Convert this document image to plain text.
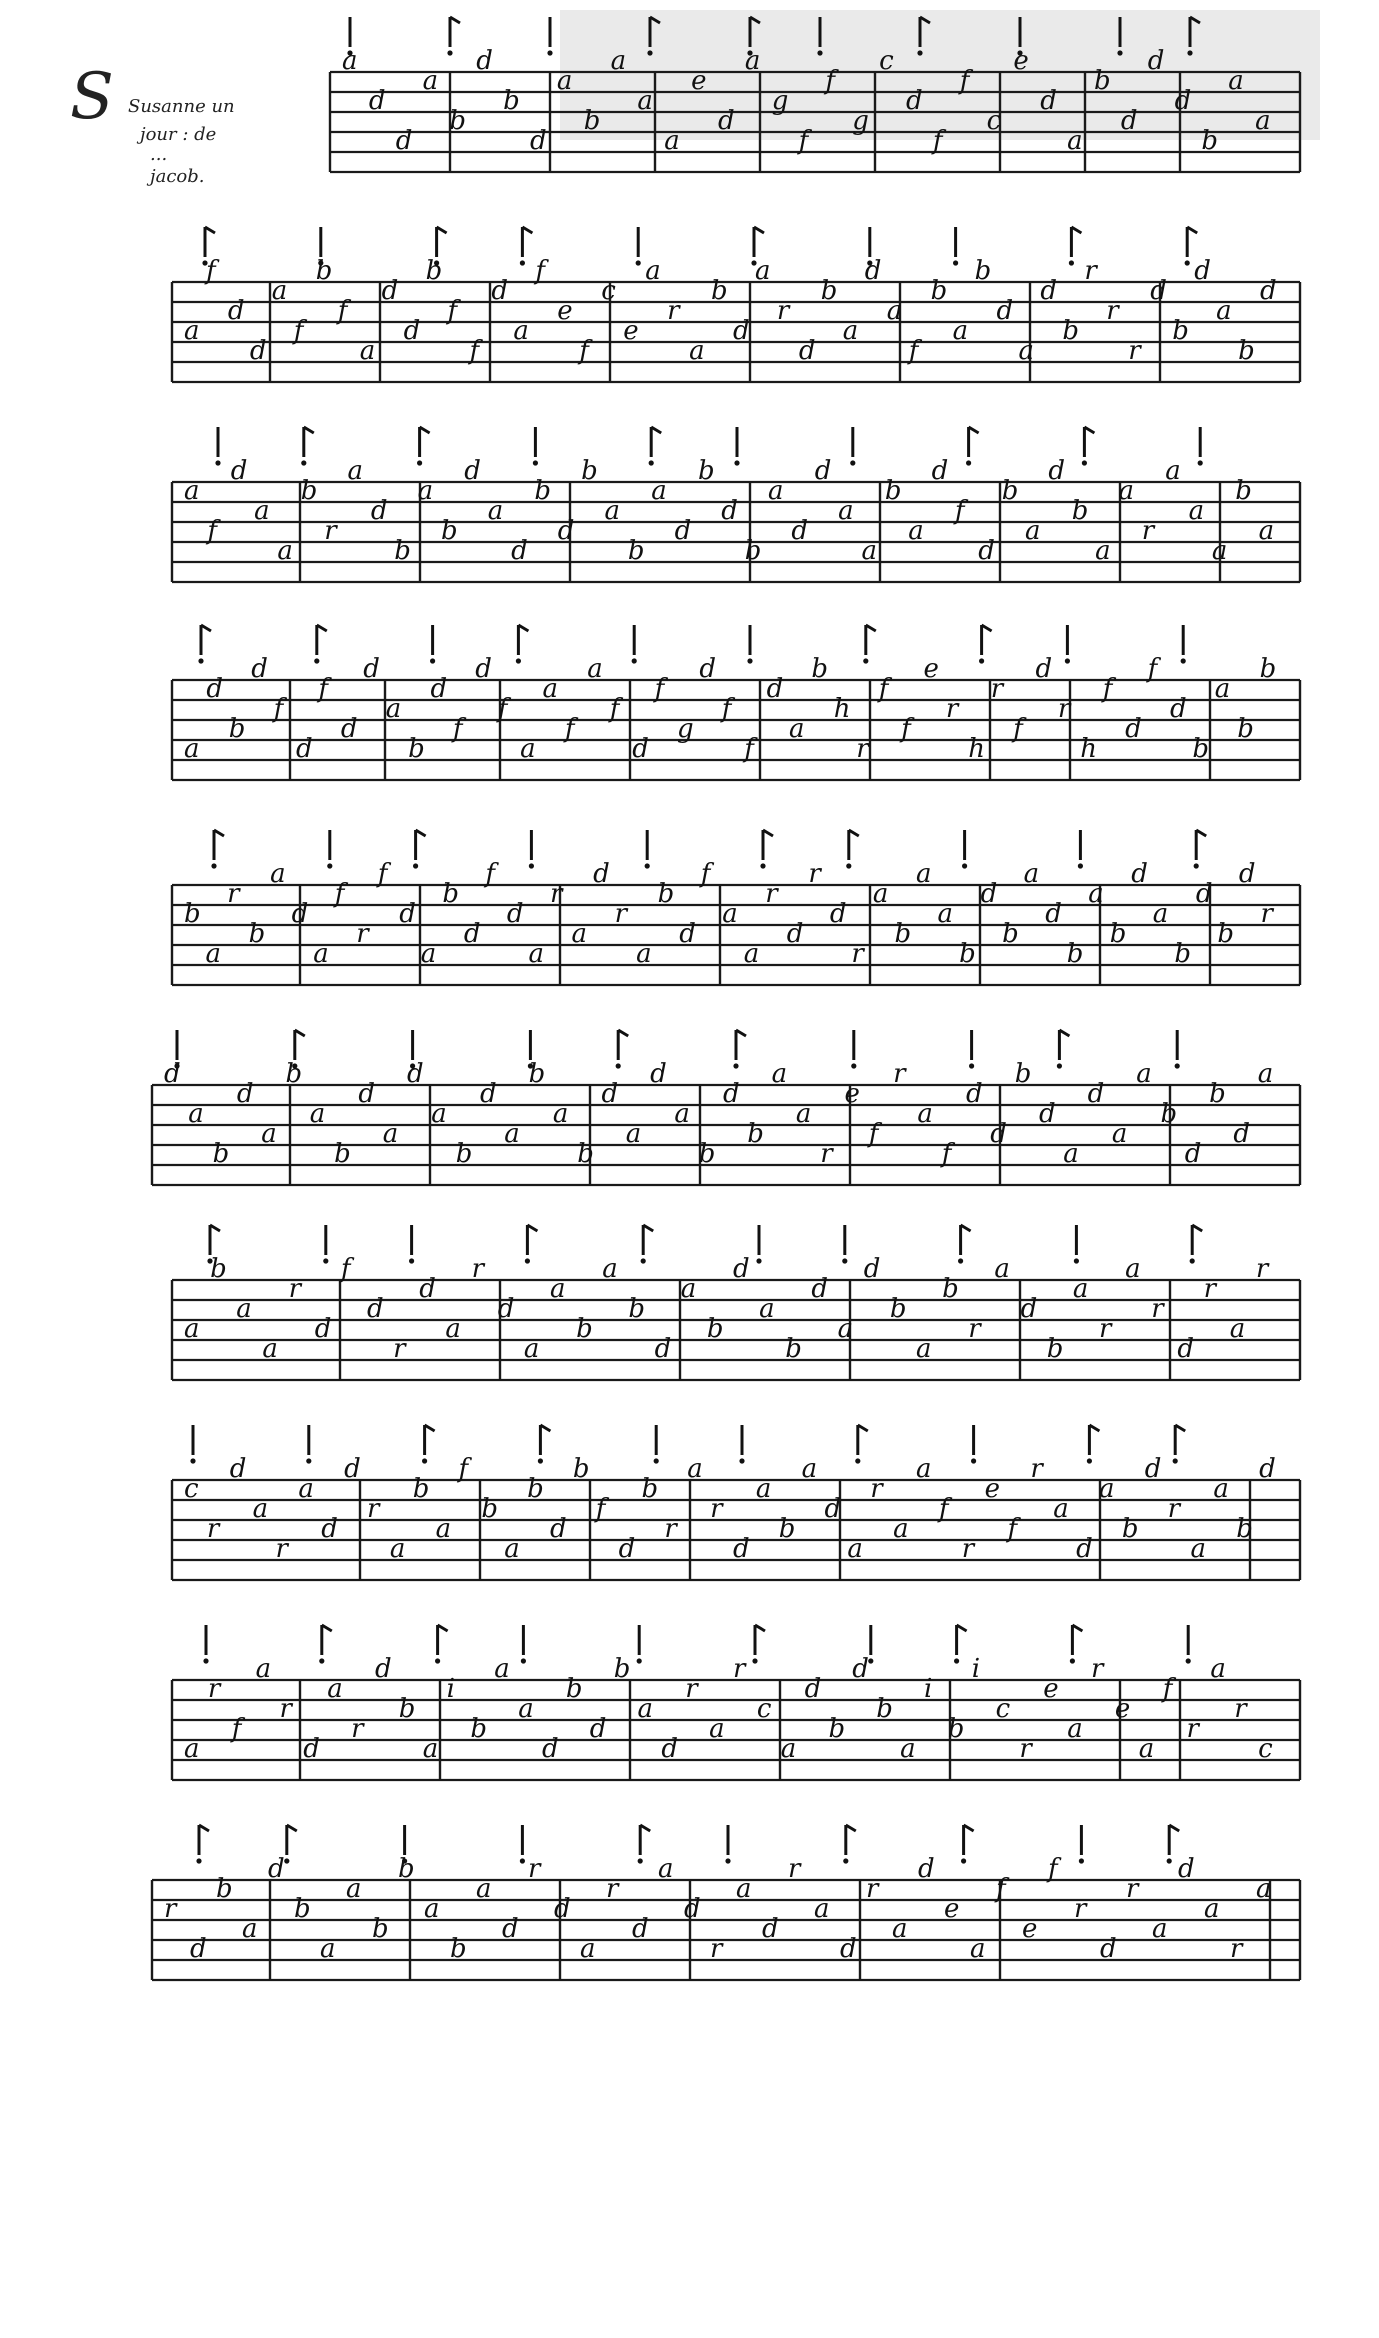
S Susanne un
jour : de
...
jacob.
a
d
d
a
b
d
b
d
a
b
a
a
a
e
d
a
g
f
f
g
c
d
f
f
c
e
d
a
b
d
d
d
b
a
a
a
f
d
d
a
f
b
f
a
d
d
b
f
f
d
a
f
e
f
c
e
a
r
a
b
d
a
r
d
b
a
d
a
f
b
a
b
d
a
d
b
r
r
r
d
b
d
a
b
d
a
f
d
a
a
b
r
a
d
b
a
b
d
a
d
b
d
b
a
b
a
d
b
d
b
a
d
d
a
a
b
a
d
f
d
b
a
d
b
a
a
r
a
a
a
b
a
a
d
b
d
f
d
f
d
d
a
b
d
f
d
f
a
a
f
a
f
d
f
g
d
f
f
d
a
b
h
r
f
f
e
r
h
r
f
d
r
h
f
d
f
d
b
a
b
b
b
a
r
b
a
d
a
f
r
f
d
a
b
d
f
d
a
r
a
d
r
a
b
d
f
a
a
r
d
r
d
r
a
b
a
a
b
d
b
a
d
b
a
b
d
a
b
d
b
d
r
d
a
b
d
a
b
a
b
d
a
d
a
b
d
a
b
a
b
d
a
d
a
b
d
b
a
a
r
e
f
r
a
f
d
d
b
d
a
d
a
a
b
d
b
d
a
a
b
a
a
r
d
f
d
r
d
a
r
d
a
a
b
a
b
d
a
b
d
a
b
d
a
d
b
a
b
r
a
d
b
a
r
a
r
d
r
a
r
c
r
d
a
r
a
d
d
r
a
b
a
f
b
a
b
d
b
f
d
b
r
a
r
d
a
b
a
d
a
r
a
a
f
r
e
f
r
a
d
a
b
d
r
a
a
b
d
a
r
f
a
r
d
a
r
d
b
a
i
b
a
a
d
b
d
b
a
d
r
a
r
c
a
d
b
d
b
a
i
b
i
c
r
e
a
r
e
a
f
r
a
r
c
r
d
b
a
d
b
a
a
b
b
a
b
a
d
r
d
a
r
d
a
d
r
a
d
r
a
d
r
a
d
e
a
f
e
f
r
d
r
a
d
a
r
a
